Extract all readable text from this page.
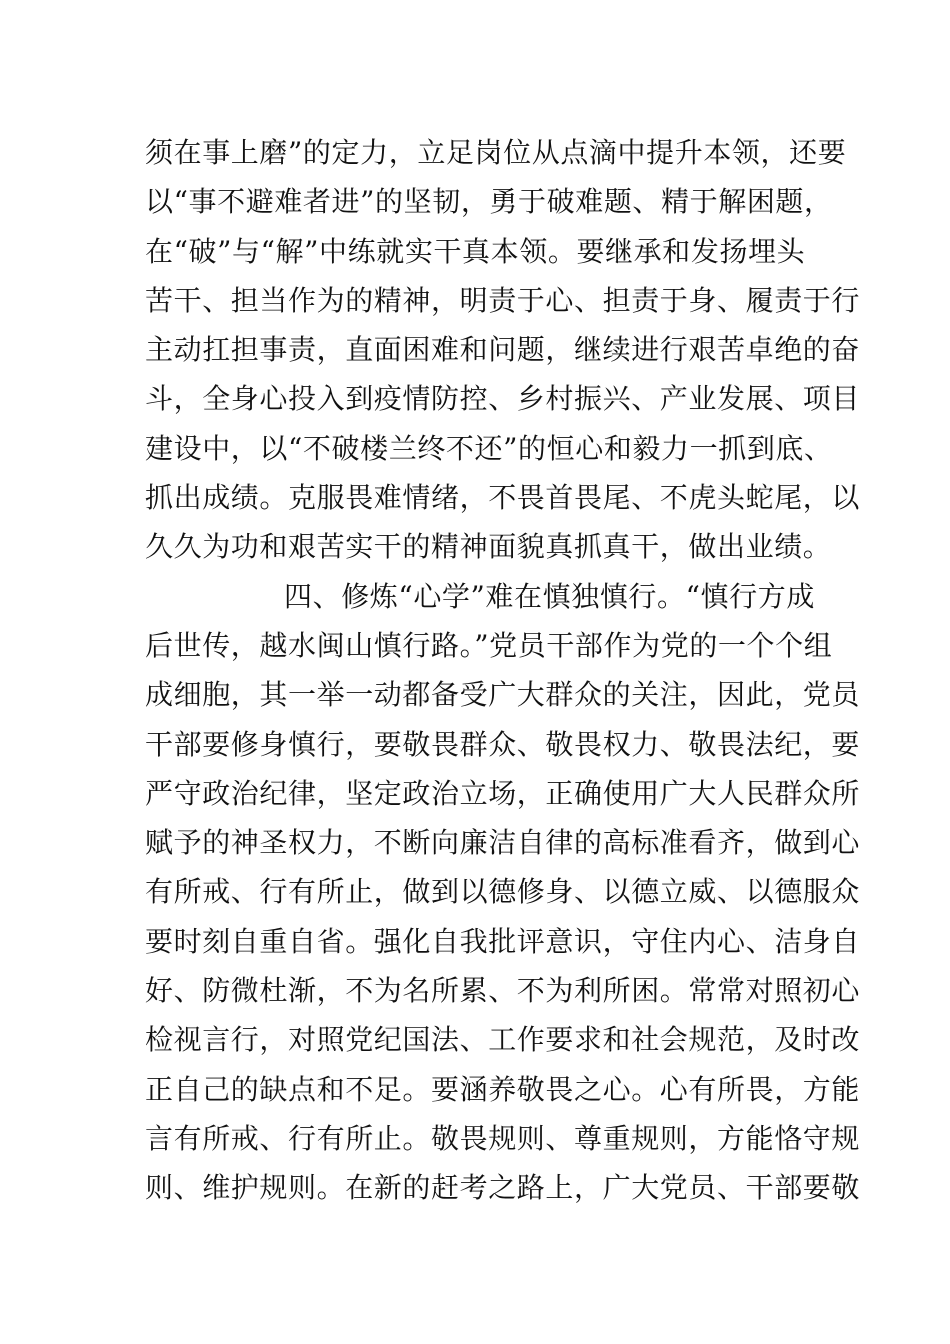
须在事上磨”的定力，立足岗位从点滴中提升本领，还要
以“事不避难者进”的坚韧，勇于破难题、精于解困题，
在“破”与“解”中练就实干真本领。要继承和发扬埋头
苦干、担当作为的精神，明责于心、担责于身、履责于行
主动扛担事责，直面困难和问题，继续进行艰苦卓绝的奋
斗，全身心投入到疫情防控、乡村振兴、产业发展、项目
建设中，以“不破楼兰终不还”的恒心和毅力一抓到底、
抓出成绩。克服畏难情绪，不畏首畏尾、不虎头蛇尾，以
久久为功和艰苦实干的精神面貌真抓真干，做出业绩。
四、修炼“心学”难在慎独慎行。“慎行方成
后世传，越水闽山慎行路。”党员干部作为党的一个个组
成细胞，其一举一动都备受广大群众的关注，因此，党员
干部要修身慎行，要敬畏群众、敬畏权力、敬畏法纪，要
严守政治纪律，坚定政治立场，正确使用广大人民群众所
赋予的神圣权力，不断向廉洁自律的高标准看齐，做到心
有所戒、行有所止，做到以德修身、以德立威、以德服众
要时刻自重自省。强化自我批评意识，守住内心、洁身自
好、防微杜渐，不为名所累、不为利所困。常常对照初心
检视言行，对照党纪国法、工作要求和社会规范，及时改
正自己的缺点和不足。要涵养敬畏之心。心有所畏，方能
言有所戒、行有所止。敬畏规则、尊重规则，方能恪守规
则、维护规则。在新的赶考之路上，广大党员、干部要敬
